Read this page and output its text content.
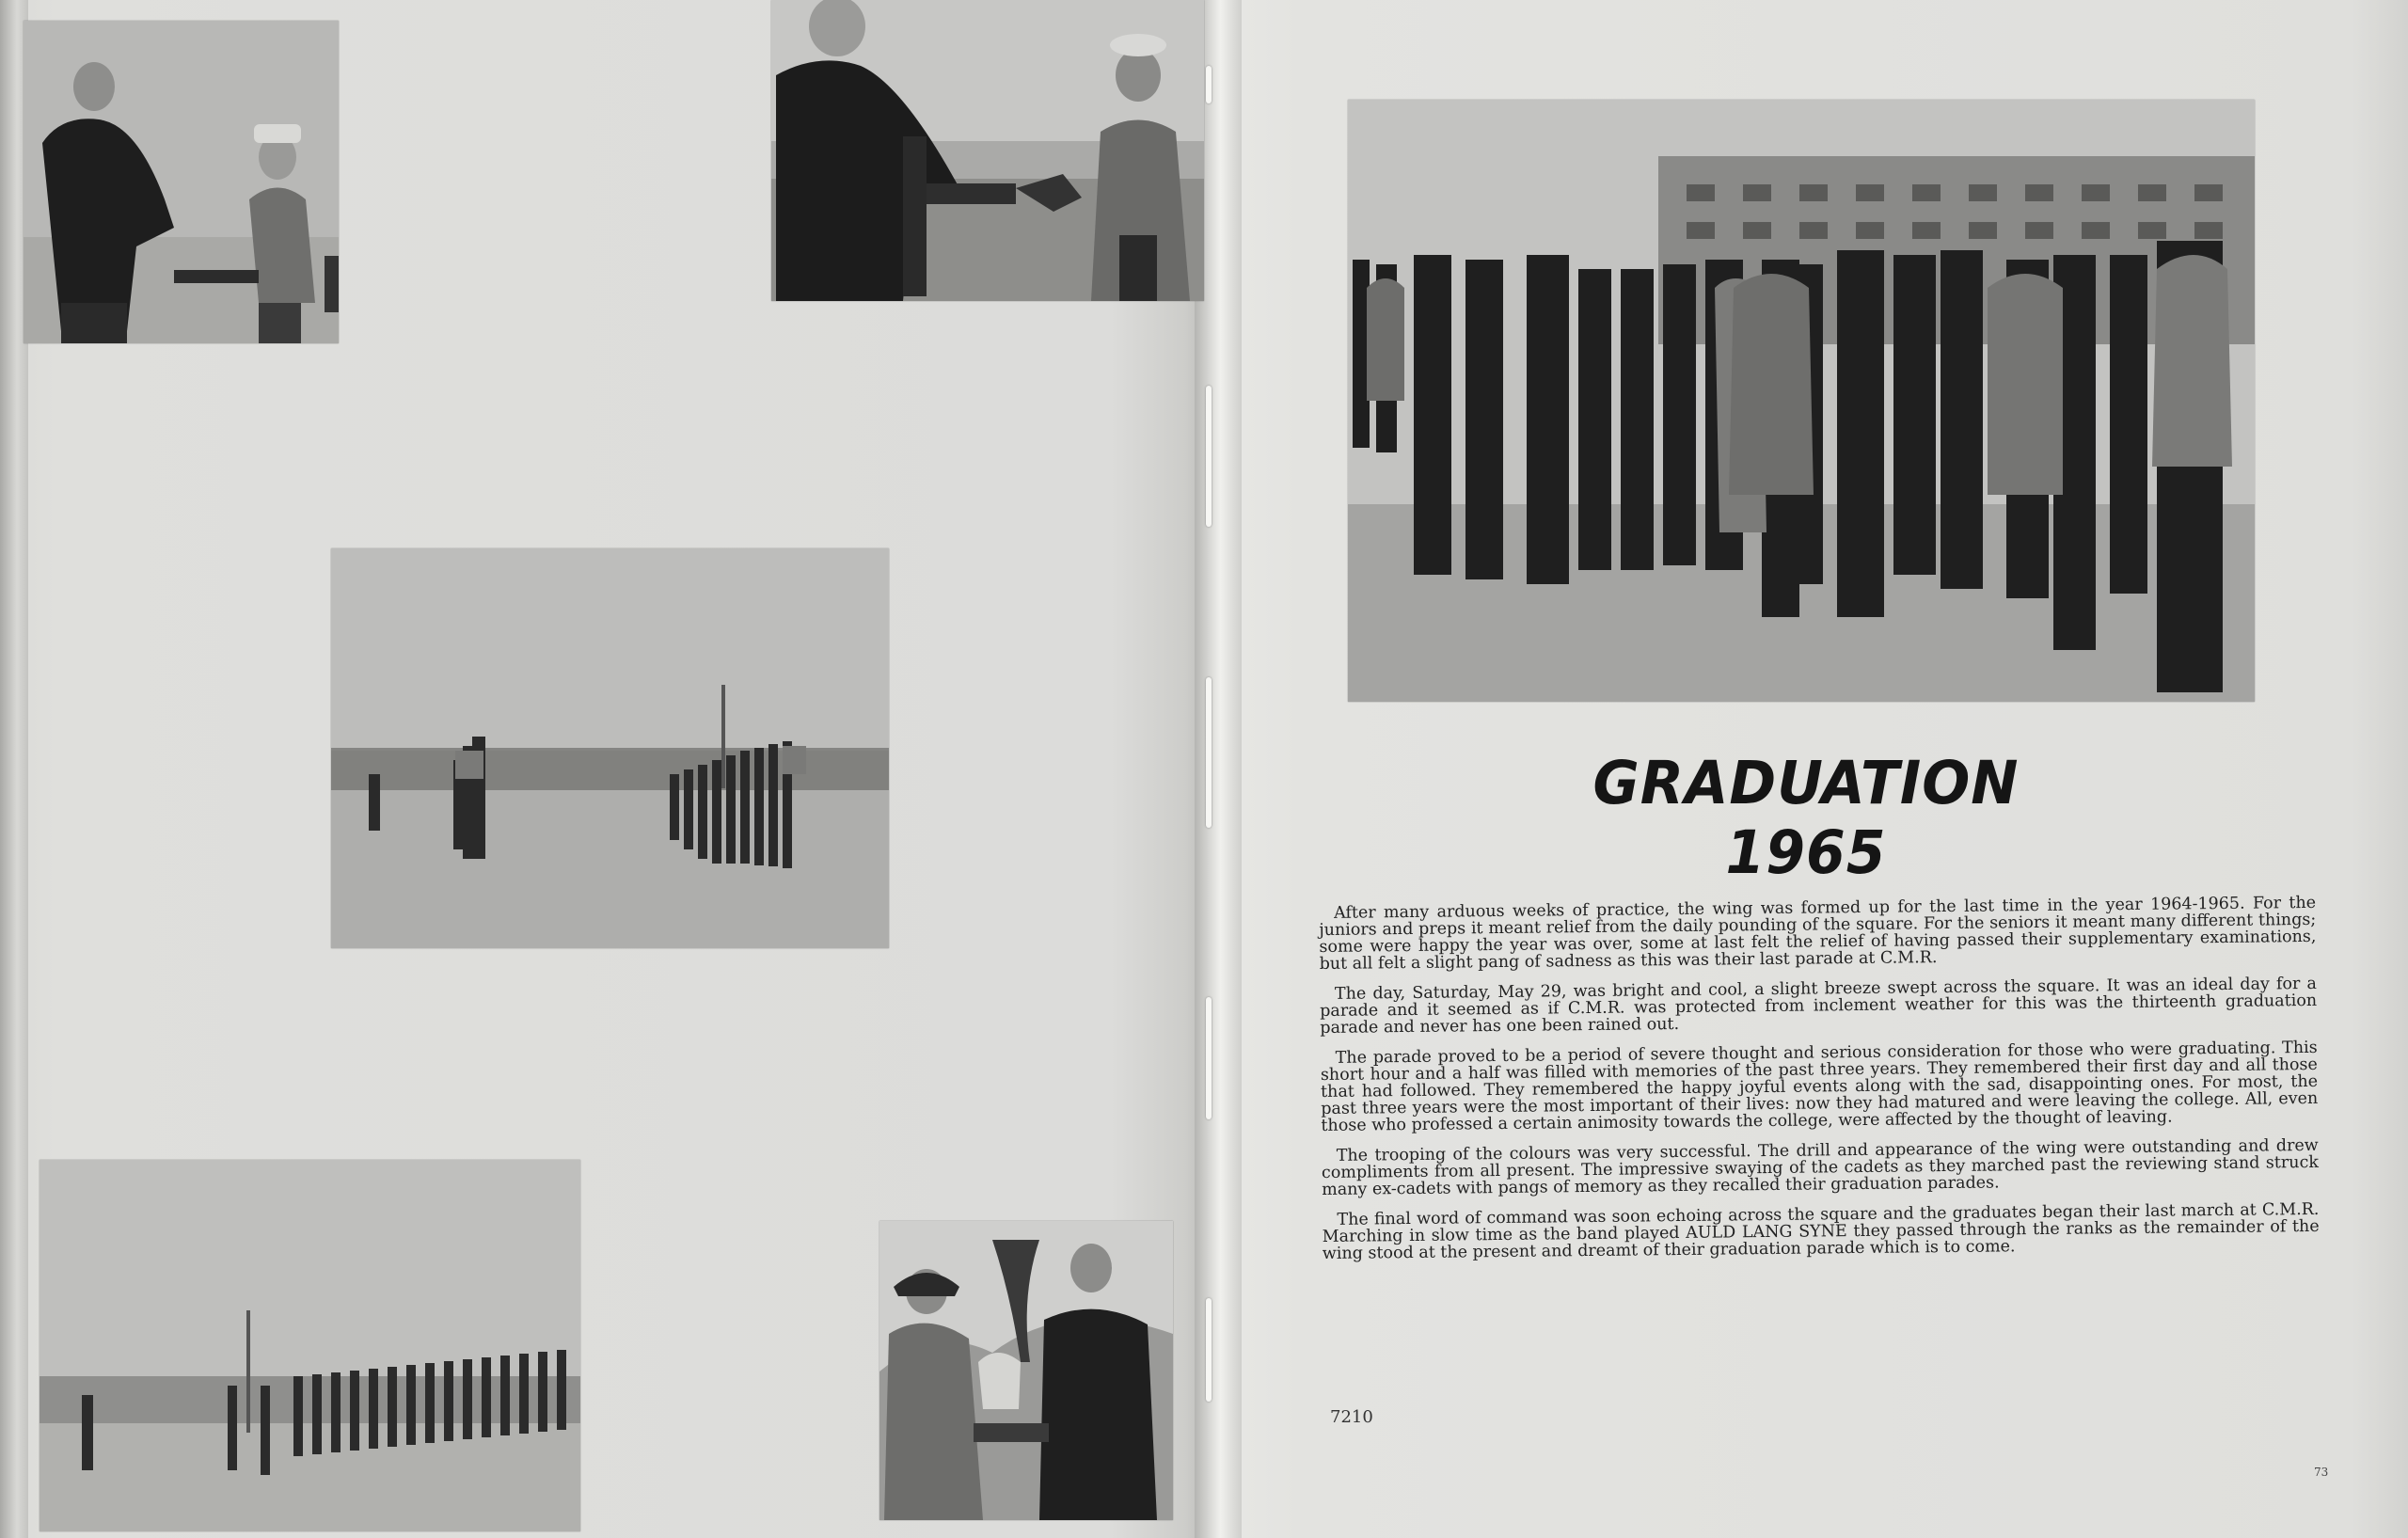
GRADUATION 1965

After many arduous weeks of practice, the wing was formed up for the last time in the year 1964-1965. For the juniors and preps it meant relief from the daily pounding of the square. For the seniors it meant many different things; some were happy the year was over, some at last felt the relief of having passed their supplementary examinations, but all felt a slight pang of sadness as this was their last parade at C.M.R.

The day, Saturday, May 29, was bright and cool, a slight breeze swept across the square. It was an ideal day for a parade and it seemed as if C.M.R. was protected from inclement weather for this was the thirteenth graduation parade and never has one been rained out.

The parade proved to be a period of severe thought and serious consideration for those who were graduating. This short hour and a half was filled with memories of the past three years. They remembered their first day and all those that had followed. They remembered the happy joyful events along with the sad, disappointing ones. For most, the past three years were the most important of their lives: now they had matured and were leaving the college. All, even those who professed a certain animosity towards the college, were affected by the thought of leaving.

The trooping of the colours was very successful. The drill and appearance of the wing were outstanding and drew compliments from all present. The impressive swaying of the cadets as they marched past the reviewing stand struck many ex-cadets with pangs of memory as they recalled their graduation parades.

The final word of command was soon echoing across the square and the graduates began their last march at C.M.R. Marching in slow time as the band played AULD LANG SYNE they passed through the ranks as the remainder of the wing stood at the present and dreamt of their graduation parade which is to come.

7210
73
